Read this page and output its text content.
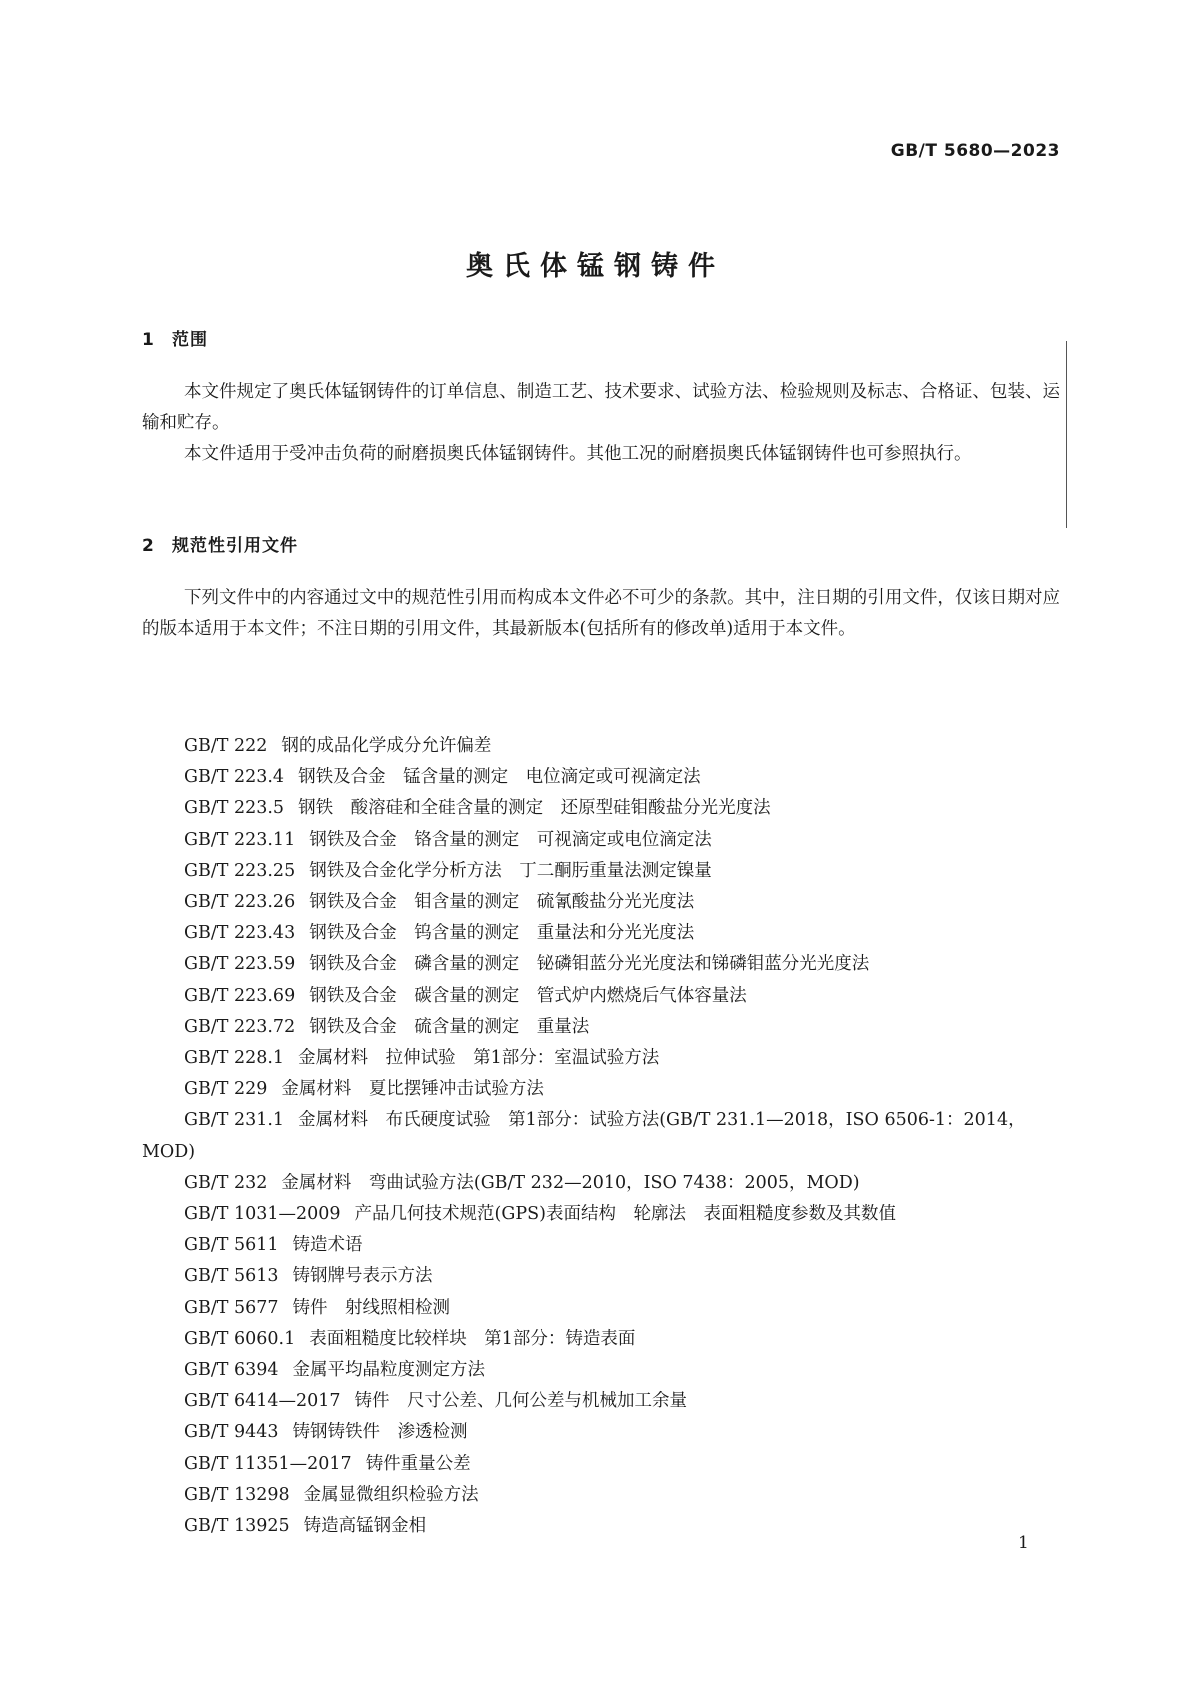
GB/T 5680—2023
奥氏体锰钢铸件
1 范围
本文件规定了奥氏体锰钢铸件的订单信息、制造工艺、技术要求、试验方法、检验规则及标志、合格证、包装、运输和贮存。
本文件适用于受冲击负荷的耐磨损奥氏体锰钢铸件。其他工况的耐磨损奥氏体锰钢铸件也可参照执行。
2 规范性引用文件
下列文件中的内容通过文中的规范性引用而构成本文件必不可少的条款。其中，注日期的引用文件，仅该日期对应的版本适用于本文件；不注日期的引用文件，其最新版本(包括所有的修改单)适用于本文件。
GB/T 222 钢的成品化学成分允许偏差
GB/T 223.4 钢铁及合金　锰含量的测定　电位滴定或可视滴定法
GB/T 223.5 钢铁　酸溶硅和全硅含量的测定　还原型硅钼酸盐分光光度法
GB/T 223.11 钢铁及合金　铬含量的测定　可视滴定或电位滴定法
GB/T 223.25 钢铁及合金化学分析方法　丁二酮肟重量法测定镍量
GB/T 223.26 钢铁及合金　钼含量的测定　硫氰酸盐分光光度法
GB/T 223.43 钢铁及合金　钨含量的测定　重量法和分光光度法
GB/T 223.59 钢铁及合金　磷含量的测定　铋磷钼蓝分光光度法和锑磷钼蓝分光光度法
GB/T 223.69 钢铁及合金　碳含量的测定　管式炉内燃烧后气体容量法
GB/T 223.72 钢铁及合金　硫含量的测定　重量法
GB/T 228.1 金属材料　拉伸试验　第1部分：室温试验方法
GB/T 229 金属材料　夏比摆锤冲击试验方法
GB/T 231.1 金属材料　布氏硬度试验　第1部分：试验方法(GB/T 231.1—2018，ISO 6506-1：2014，MOD)
GB/T 232 金属材料　弯曲试验方法(GB/T 232—2010，ISO 7438：2005，MOD)
GB/T 1031—2009 产品几何技术规范(GPS)表面结构　轮廓法　表面粗糙度参数及其数值
GB/T 5611 铸造术语
GB/T 5613 铸钢牌号表示方法
GB/T 5677 铸件　射线照相检测
GB/T 6060.1 表面粗糙度比较样块　第1部分：铸造表面
GB/T 6394 金属平均晶粒度测定方法
GB/T 6414—2017 铸件　尺寸公差、几何公差与机械加工余量
GB/T 9443 铸钢铸铁件　渗透检测
GB/T 11351—2017 铸件重量公差
GB/T 13298 金属显微组织检验方法
GB/T 13925 铸造高锰钢金相
1
